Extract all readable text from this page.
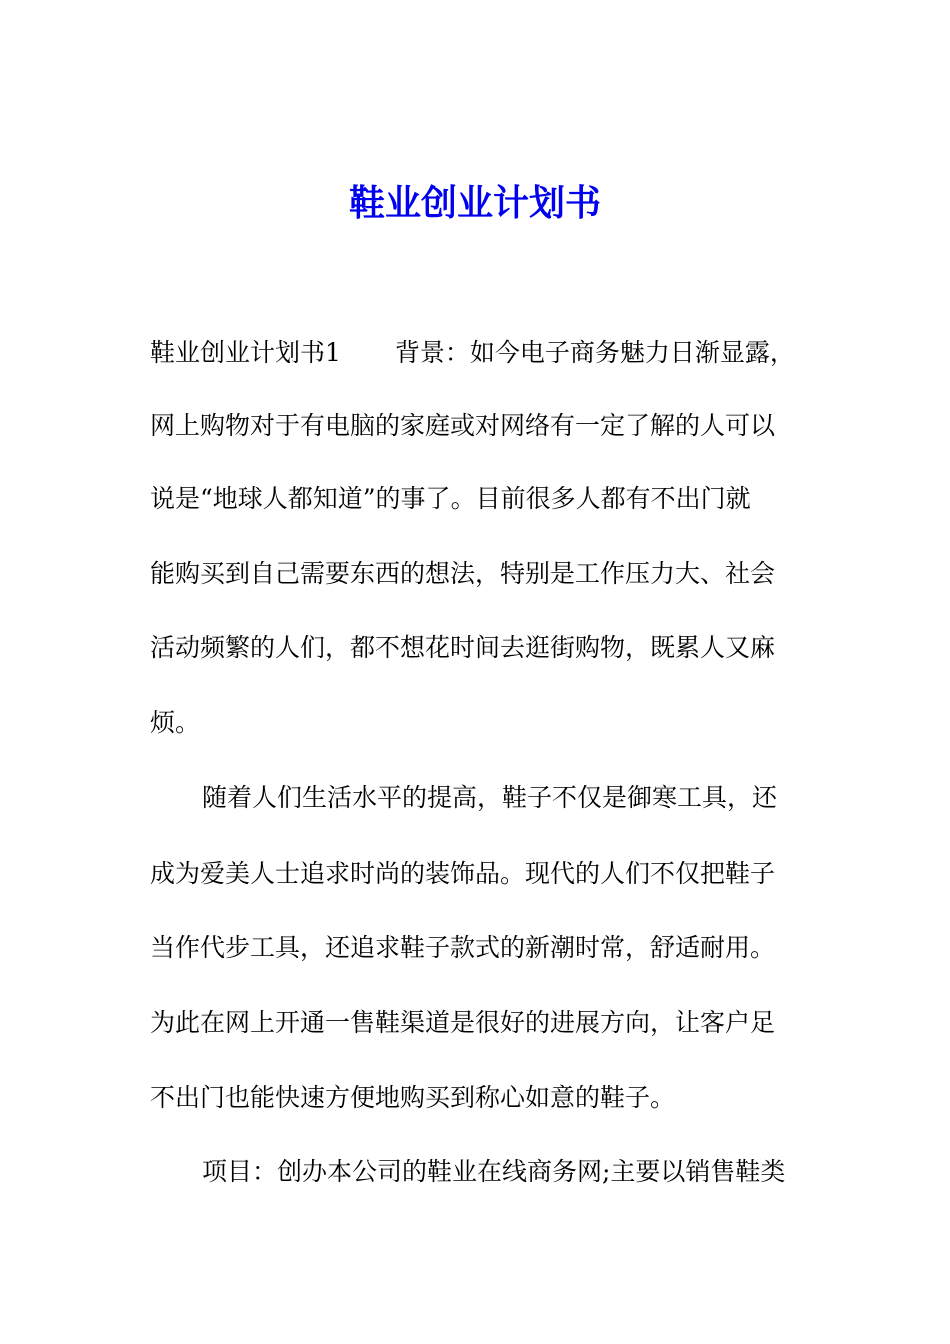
鞋业创业计划书

鞋业创业计划书1 背景：如今电子商务魅力日渐显露，

网上购物对于有电脑的家庭或对网络有一定了解的人可以

说是“地球人都知道”的事了。目前很多人都有不出门就

能购买到自己需要东西的想法，特别是工作压力大、社会

活动频繁的人们，都不想花时间去逛街购物，既累人又麻

烦。

随着人们生活水平的提高，鞋子不仅是御寒工具，还

成为爱美人士追求时尚的装饰品。现代的人们不仅把鞋子

当作代步工具，还追求鞋子款式的新潮时常，舒适耐用。

为此在网上开通一售鞋渠道是很好的进展方向，让客户足

不出门也能快速方便地购买到称心如意的鞋子。

项目：创办本公司的鞋业在线商务网;主要以销售鞋类
